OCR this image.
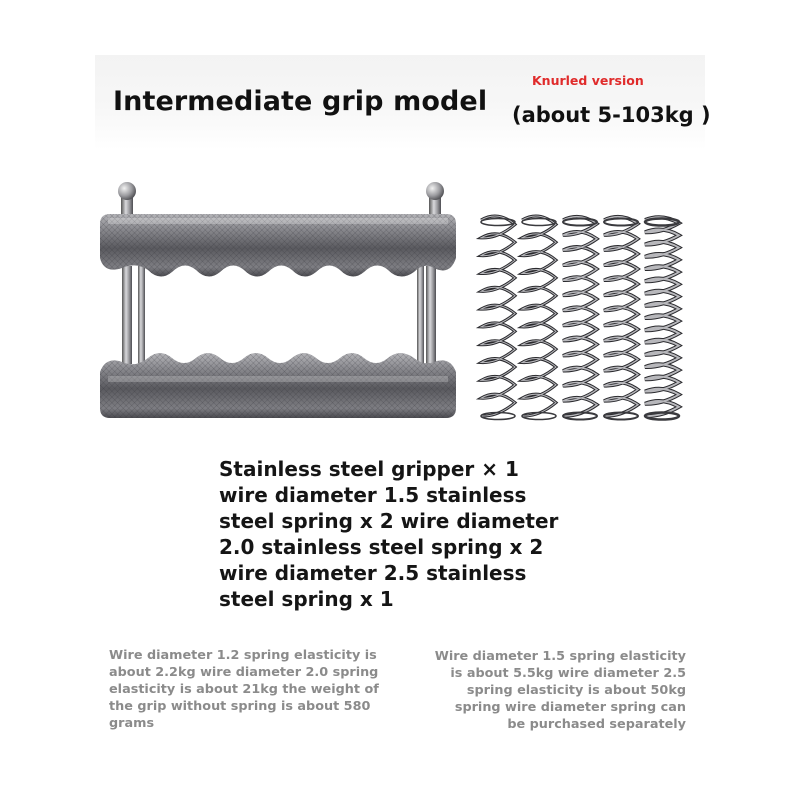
Intermediate grip model
Knurled version
(about 5-103kg )
Stainless steel gripper × 1
wire diameter 1.5 stainless
steel spring x 2 wire diameter
2.0 stainless steel spring x 2
wire diameter 2.5 stainless
steel spring x 1
Wire diameter 1.2 spring elasticity is
about 2.2kg wire diameter 2.0 spring
elasticity is about 21kg the weight of
the grip without spring is about 580
grams
Wire diameter 1.5 spring elasticity
is about 5.5kg wire diameter 2.5
spring elasticity is about 50kg
spring wire diameter spring can
be purchased separately
